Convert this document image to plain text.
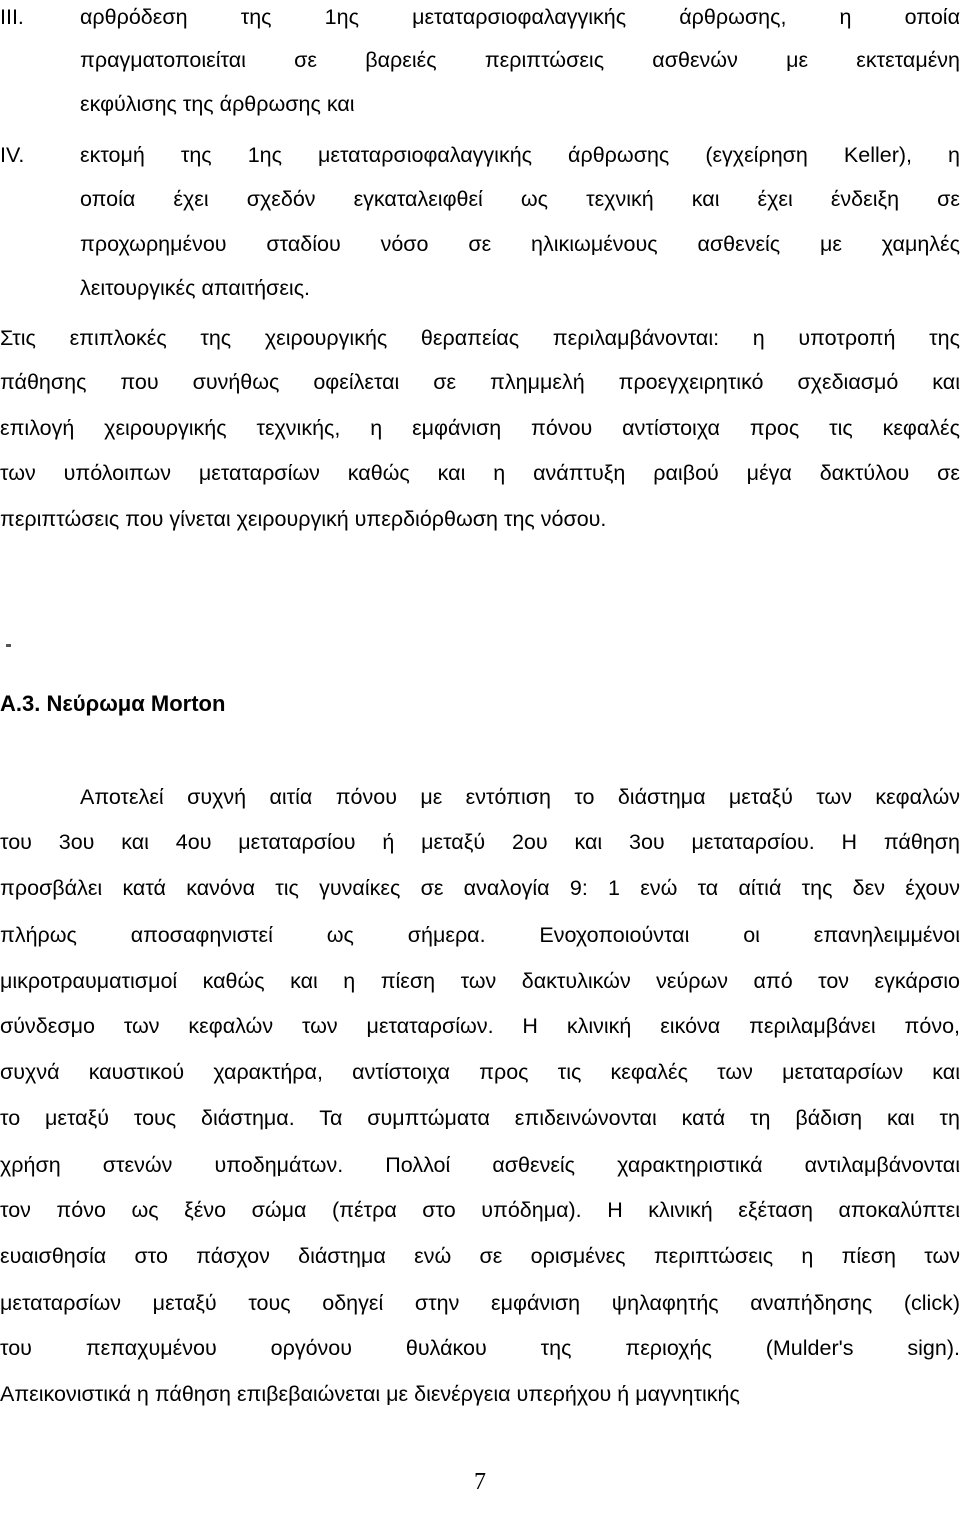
III.	αρθρόδεση της 1ης μεταταρσιοφαλαγγικής άρθρωσης, η οποία
πραγματοποιείται σε βαρειές περιπτώσεις ασθενών με εκτεταμένη
εκφύλισης της άρθρωσης και
IV.	εκτομή της 1ης μεταταρσιοφαλαγγικής άρθρωσης (εγχείρηση Keller), η
οποία έχει σχεδόν εγκαταλειφθεί ως τεχνική και έχει ένδειξη σε
προχωρημένου σταδίου νόσο σε ηλικιωμένους ασθενείς με χαμηλές
λειτουργικές απαιτήσεις.
Στις επιπλοκές της χειρουργικής θεραπείας περιλαμβάνονται: η υποτροπή της
πάθησης που συνήθως οφείλεται σε πλημμελή προεγχειρητικό σχεδιασμό και
επιλογή χειρουργικής τεχνικής, η εμφάνιση πόνου αντίστοιχα προς τις κεφαλές
των υπόλοιπων μεταταρσίων καθώς και η ανάπτυξη ραιβού μέγα δακτύλου σε
περιπτώσεις που γίνεται χειρουργική υπερδιόρθωση της νόσου.
Α.3. Νεύρωμα Morton
Αποτελεί συχνή αιτία πόνου με εντόπιση το διάστημα μεταξύ των κεφαλών
του 3ου και 4ου μεταταρσίου ή μεταξύ 2ου και 3ου μεταταρσίου. Η πάθηση
προσβάλει κατά κανόνα τις γυναίκες σε αναλογία 9: 1 ενώ τα αίτιά της δεν έχουν
πλήρως αποσαφηνιστεί ως σήμερα. Ενοχοποιούνται οι επανηλειμμένοι
μικροτραυματισμοί καθώς και η πίεση των δακτυλικών νεύρων από τον εγκάρσιο
σύνδεσμο των κεφαλών των μεταταρσίων. Η κλινική εικόνα περιλαμβάνει πόνο,
συχνά καυστικού χαρακτήρα, αντίστοιχα προς τις κεφαλές των μεταταρσίων και
το μεταξύ τους διάστημα. Τα συμπτώματα επιδεινώνονται κατά τη βάδιση και τη
χρήση στενών υποδημάτων. Πολλοί ασθενείς χαρακτηριστικά αντιλαμβάνονται
τον πόνο ως ξένο σώμα (πέτρα στο υπόδημα). Η κλινική εξέταση αποκαλύπτει
ευαισθησία στο πάσχον διάστημα ενώ σε ορισμένες περιπτώσεις η πίεση των
μεταταρσίων μεταξύ τους οδηγεί στην εμφάνιση ψηλαφητής αναπήδησης (click)
του πεπαχυμένου οργόνου θυλάκου της περιοχής (Mulder's sign).
Απεικονιστικά η πάθηση επιβεβαιώνεται με διενέργεια υπερήχου ή μαγνητικής
7
